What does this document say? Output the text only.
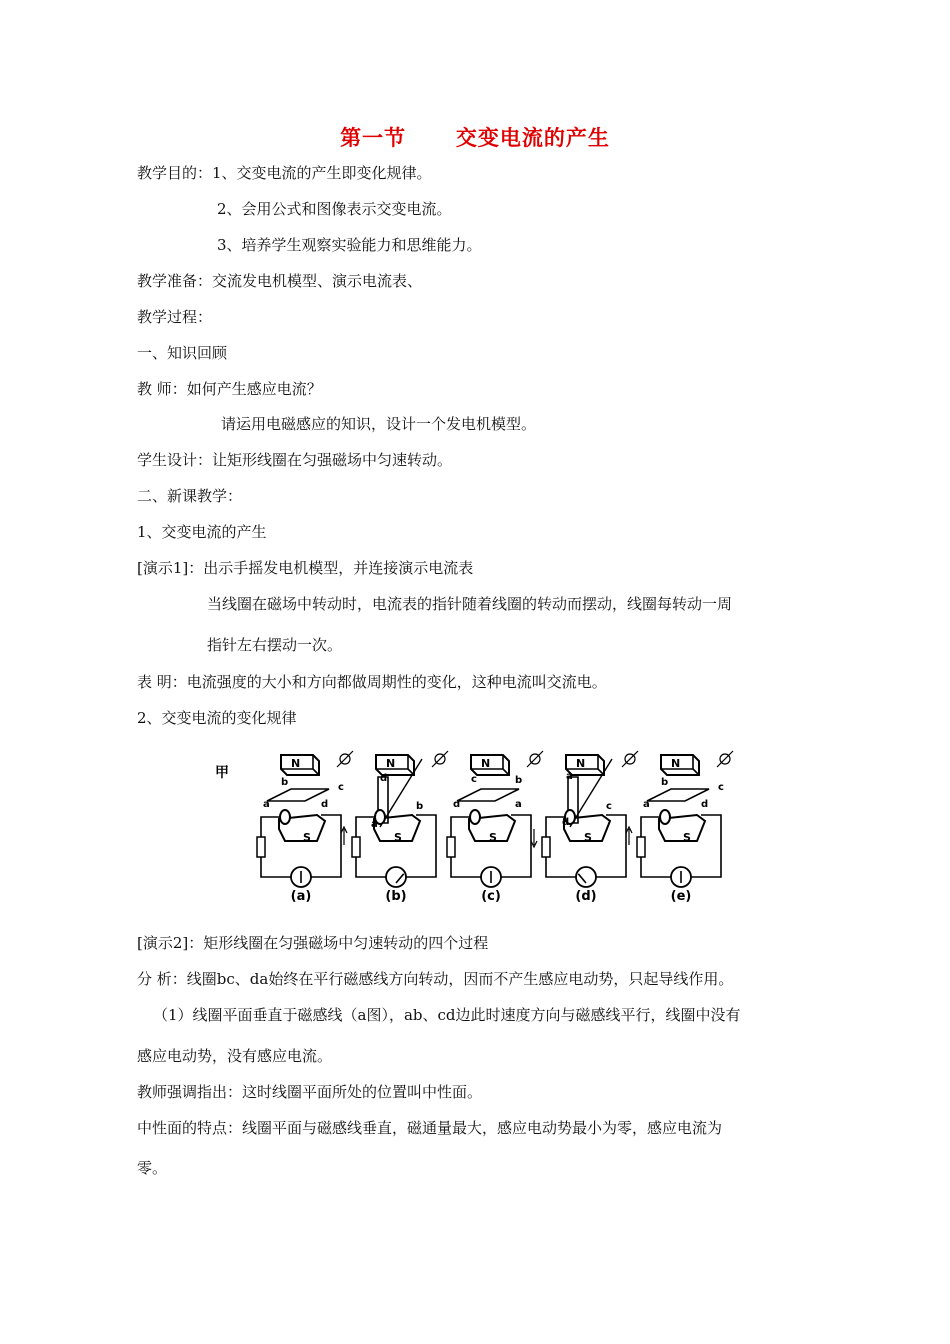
第一节      交变电流的产生
教学目的：1、交变电流的产生即变化规律。
2、会用公式和图像表示交变电流。
3、培养学生观察实验能力和思维能力。
教学准备：交流发电机模型、演示电流表、
教学过程：
一、知识回顾
教 师：如何产生感应电流？
请运用电磁感应的知识，设计一个发电机模型。
学生设计：让矩形线圈在匀强磁场中匀速转动。
二、新课教学：
1、交变电流的产生
[演示1]：出示手摇发电机模型，并连接演示电流表
当线圈在磁场中转动时，电流表的指针随着线圈的转动而摆动，线圈每转动一周
指针左右摆动一次。
表 明：电流强度的大小和方向都做周期性的变化，这种电流叫交流电。
2、交变电流的变化规律
甲
N
b	c
a	d
S
(a)
N
d
a
b
S
(b)
N
c	b
d	a
S
(c)
N
a
d
c
S
(d)
N
b	c
a	d
S
(e)
[演示2]：矩形线圈在匀强磁场中匀速转动的四个过程
分 析：线圈bc、da始终在平行磁感线方向转动，因而不产生感应电动势，只起导线作用。
（1）线圈平面垂直于磁感线（a图），ab、cd边此时速度方向与磁感线平行，线圈中没有
感应电动势，没有感应电流。
教师强调指出：这时线圈平面所处的位置叫中性面。
中性面的特点：线圈平面与磁感线垂直，磁通量最大，感应电动势最小为零，感应电流为
零。
